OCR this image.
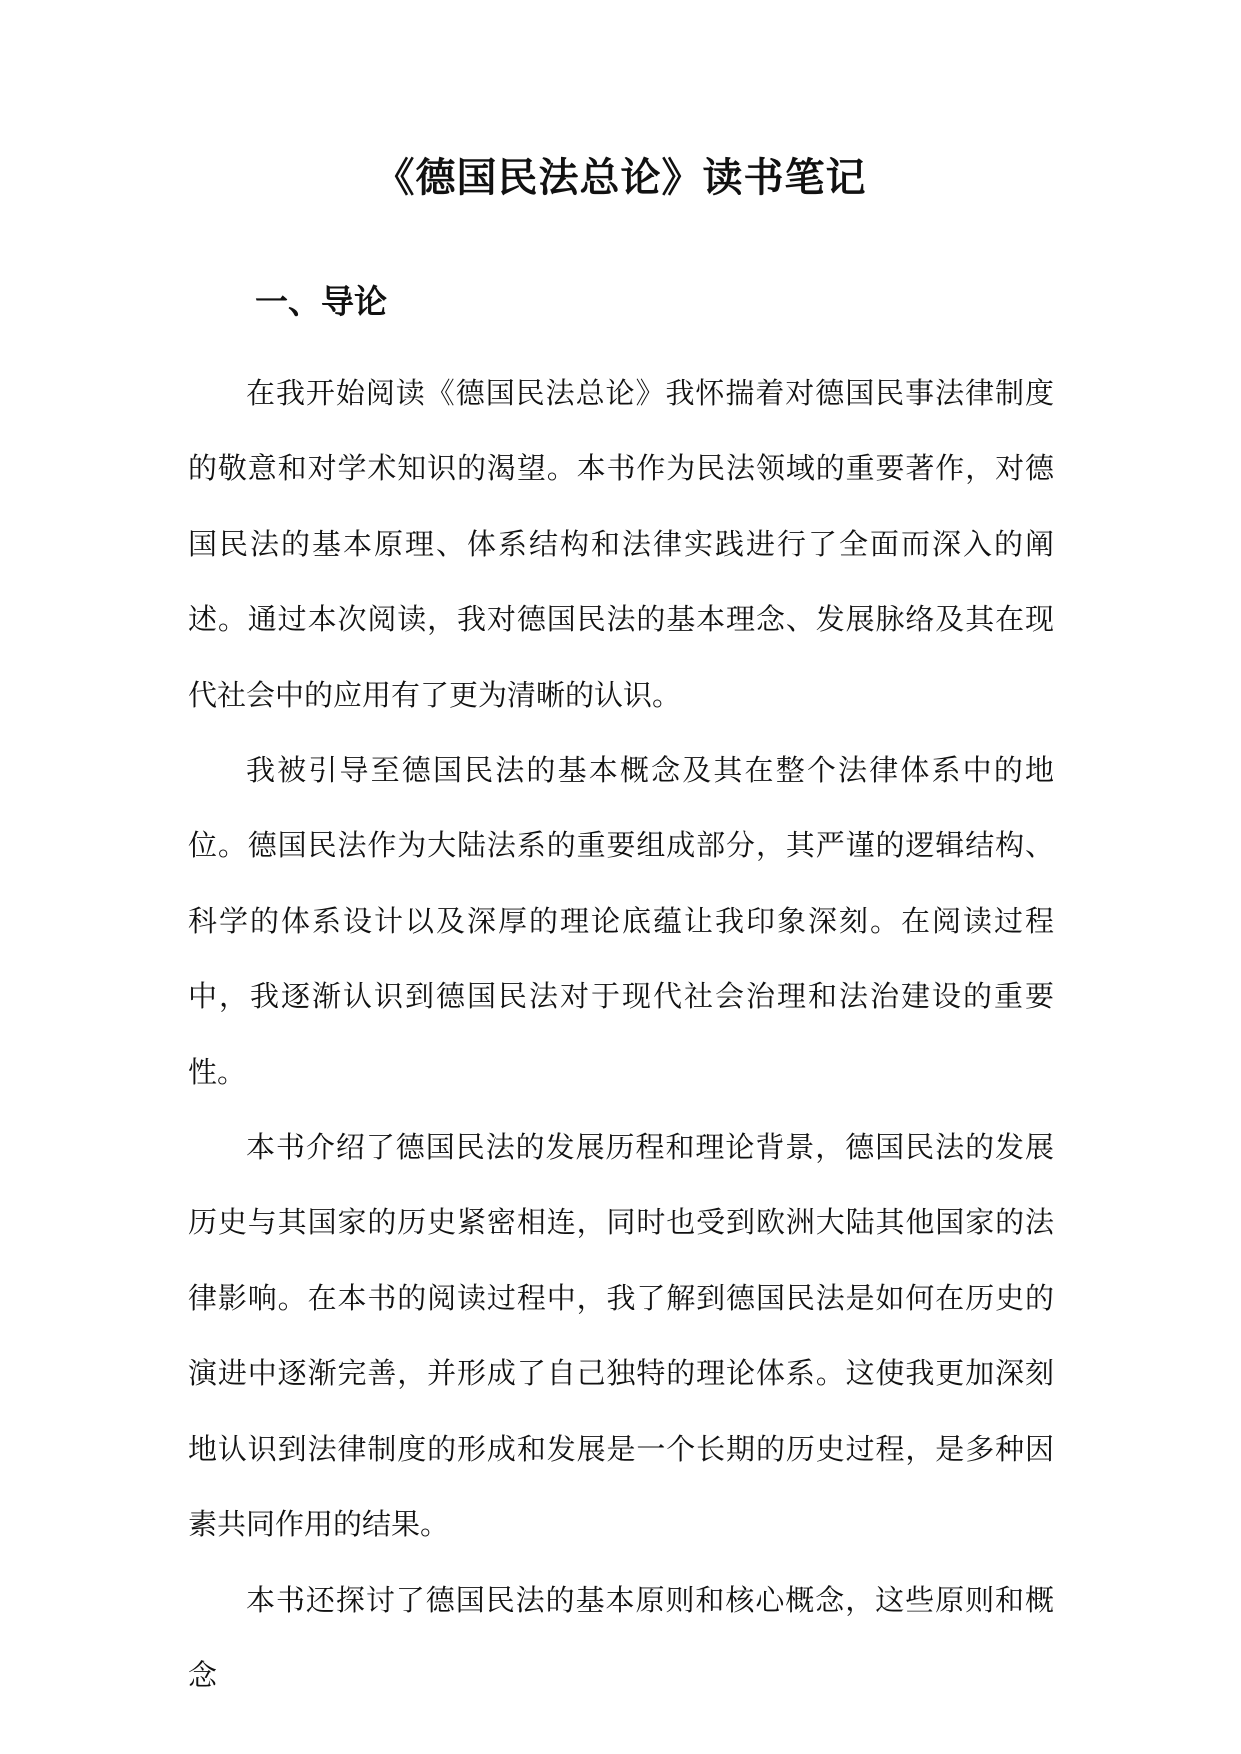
《德国民法总论》读书笔记
一、导论

在我开始阅读《德国民法总论》我怀揣着对德国民事法律制度的敬意和对学术知识的渴望。本书作为民法领域的重要著作，对德国民法的基本原理、体系结构和法律实践进行了全面而深入的阐述。通过本次阅读，我对德国民法的基本理念、发展脉络及其在现代社会中的应用有了更为清晰的认识。

我被引导至德国民法的基本概念及其在整个法律体系中的地位。德国民法作为大陆法系的重要组成部分，其严谨的逻辑结构、科学的体系设计以及深厚的理论底蕴让我印象深刻。在阅读过程中，我逐渐认识到德国民法对于现代社会治理和法治建设的重要性。

本书介绍了德国民法的发展历程和理论背景，德国民法的发展历史与其国家的历史紧密相连，同时也受到欧洲大陆其他国家的法律影响。在本书的阅读过程中，我了解到德国民法是如何在历史的演进中逐渐完善，并形成了自己独特的理论体系。这使我更加深刻地认识到法律制度的形成和发展是一个长期的历史过程，是多种因素共同作用的结果。

本书还探讨了德国民法的基本原则和核心概念，这些原则和概念
